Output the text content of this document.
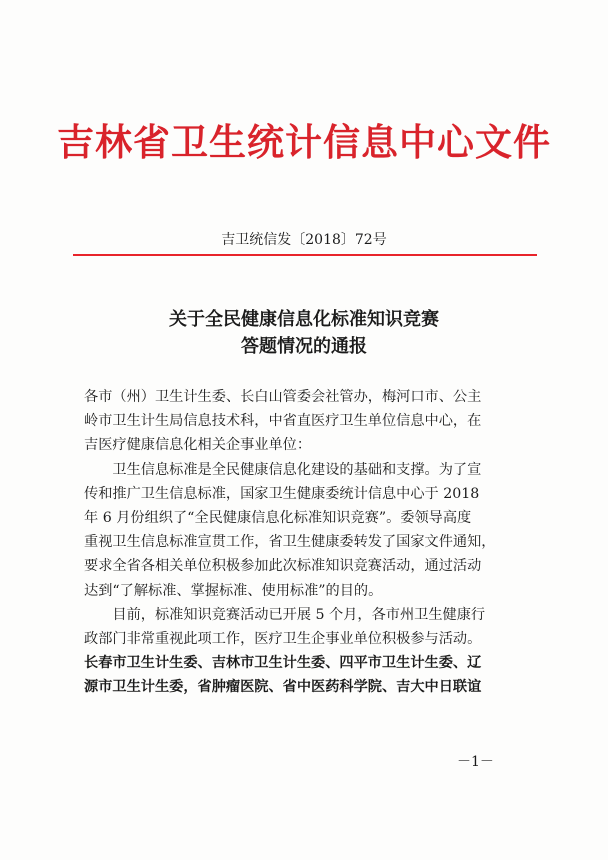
吉林省卫生统计信息中心文件
吉卫统信发〔2018〕72号
关于全民健康信息化标准知识竞赛
答题情况的通报
各市（州）卫生计生委、长白山管委会社管办，梅河口市、公主
岭市卫生计生局信息技术科，中省直医疗卫生单位信息中心，在
吉医疗健康信息化相关企事业单位：
　　卫生信息标准是全民健康信息化建设的基础和支撑。为了宣
传和推广卫生信息标准，国家卫生健康委统计信息中心于 2018
年 6 月份组织了“全民健康信息化标准知识竞赛”。委领导高度
重视卫生信息标准宣贯工作，省卫生健康委转发了国家文件通知，
要求全省各相关单位积极参加此次标准知识竞赛活动，通过活动
达到“了解标准、掌握标准、使用标准”的目的。
　　目前，标准知识竞赛活动已开展 5 个月，各市州卫生健康行
政部门非常重视此项工作，医疗卫生企事业单位积极参与活动。
长春市卫生计生委、吉林市卫生计生委、四平市卫生计生委、辽
源市卫生计生委，省肿瘤医院、省中医药科学院、吉大中日联谊
－1－
